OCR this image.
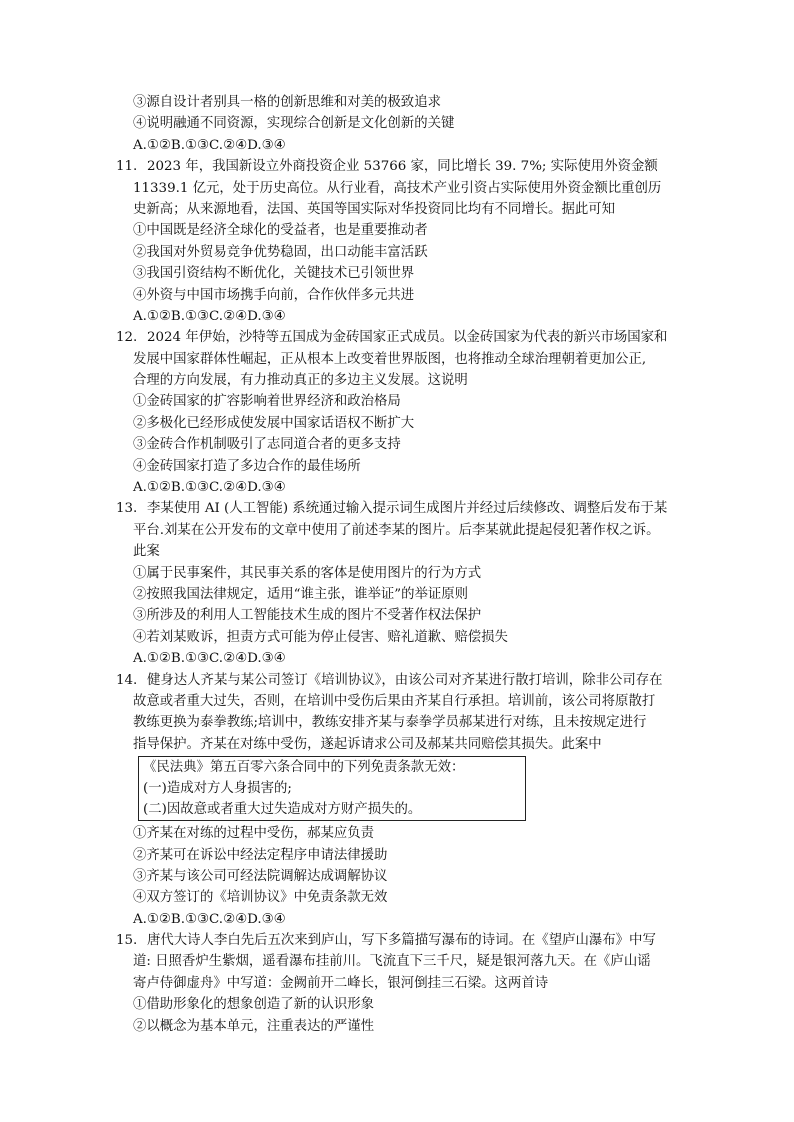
③源自设计者别具一格的创新思维和对美的极致追求
④说明融通不同资源，实现综合创新是文化创新的关键
A.①②B.①③C.②④D.③④
11. 2023 年，我国新设立外商投资企业 53766 家，同比增长 39. 7%; 实际使用外资金额
11339.1 亿元，处于历史高位。从行业看，高技术产业引资占实际使用外资金额比重创历
史新高；从来源地看，法国、英国等国实际对华投资同比均有不同增长。据此可知
①中国既是经济全球化的受益者，也是重要推动者
②我国对外贸易竞争优势稳固，出口动能丰富活跃
③我国引资结构不断优化，关键技术已引领世界
④外资与中国市场携手向前，合作伙伴多元共进
A.①②B.①③C.②④D.③④
12. 2024 年伊始，沙特等五国成为金砖国家正式成员。以金砖国家为代表的新兴市场国家和
发展中国家群体性崛起，正从根本上改变着世界版图，也将推动全球治理朝着更加公正,
合理的方向发展，有力推动真正的多边主义发展。这说明
①金砖国家的扩容影响着世界经济和政治格局
②多极化已经形成使发展中国家话语权不断扩大
③金砖合作机制吸引了志同道合者的更多支持
④金砖国家打造了多边合作的最佳场所
A.①②B.①③C.②④D.③④
13. 李某使用 AI (人工智能) 系统通过输入提示词生成图片并经过后续修改、调整后发布于某
平台.刘某在公开发布的文章中使用了前述李某的图片。后李某就此提起侵犯著作权之诉。
此案
①属于民事案件，其民事关系的客体是使用图片的行为方式
②按照我国法律规定，适用“谁主张，谁举证”的举证原则
③所涉及的利用人工智能技术生成的图片不受著作权法保护
④若刘某败诉，担责方式可能为停止侵害、赔礼道歉、赔偿损失
A.①②B.①③C.②④D.③④
14. 健身达人齐某与某公司签订《培训协议》，由该公司对齐某进行散打培训，除非公司存在
故意或者重大过失，否则，在培训中受伤后果由齐某自行承担。培训前，该公司将原散打
教练更换为泰拳教练;培训中，教练安排齐某与泰拳学员郝某进行对练，且未按规定进行
指导保护。齐某在对练中受伤，遂起诉请求公司及郝某共同赔偿其损失。此案中
《民法典》第五百零六条合同中的下列免责条款无效：
(一)造成对方人身损害的;
(二)因故意或者重大过失造成对方财产损失的。
①齐某在对练的过程中受伤，郝某应负责
②齐某可在诉讼中经法定程序申请法律援助
③齐某与该公司可经法院调解达成调解协议
④双方签订的《培训协议》中免责条款无效
A.①②B.①③C.②④D.③④
15. 唐代大诗人李白先后五次来到庐山，写下多篇描写瀑布的诗词。在《望庐山瀑布》中写
道: 日照香炉生紫烟，遥看瀑布挂前川。飞流直下三千尺，疑是银河落九天。在《庐山谣
寄卢侍御虚舟》中写道：金阙前开二峰长，银河倒挂三石梁。这两首诗
①借助形象化的想象创造了新的认识形象
②以概念为基本单元，注重表达的严谨性
